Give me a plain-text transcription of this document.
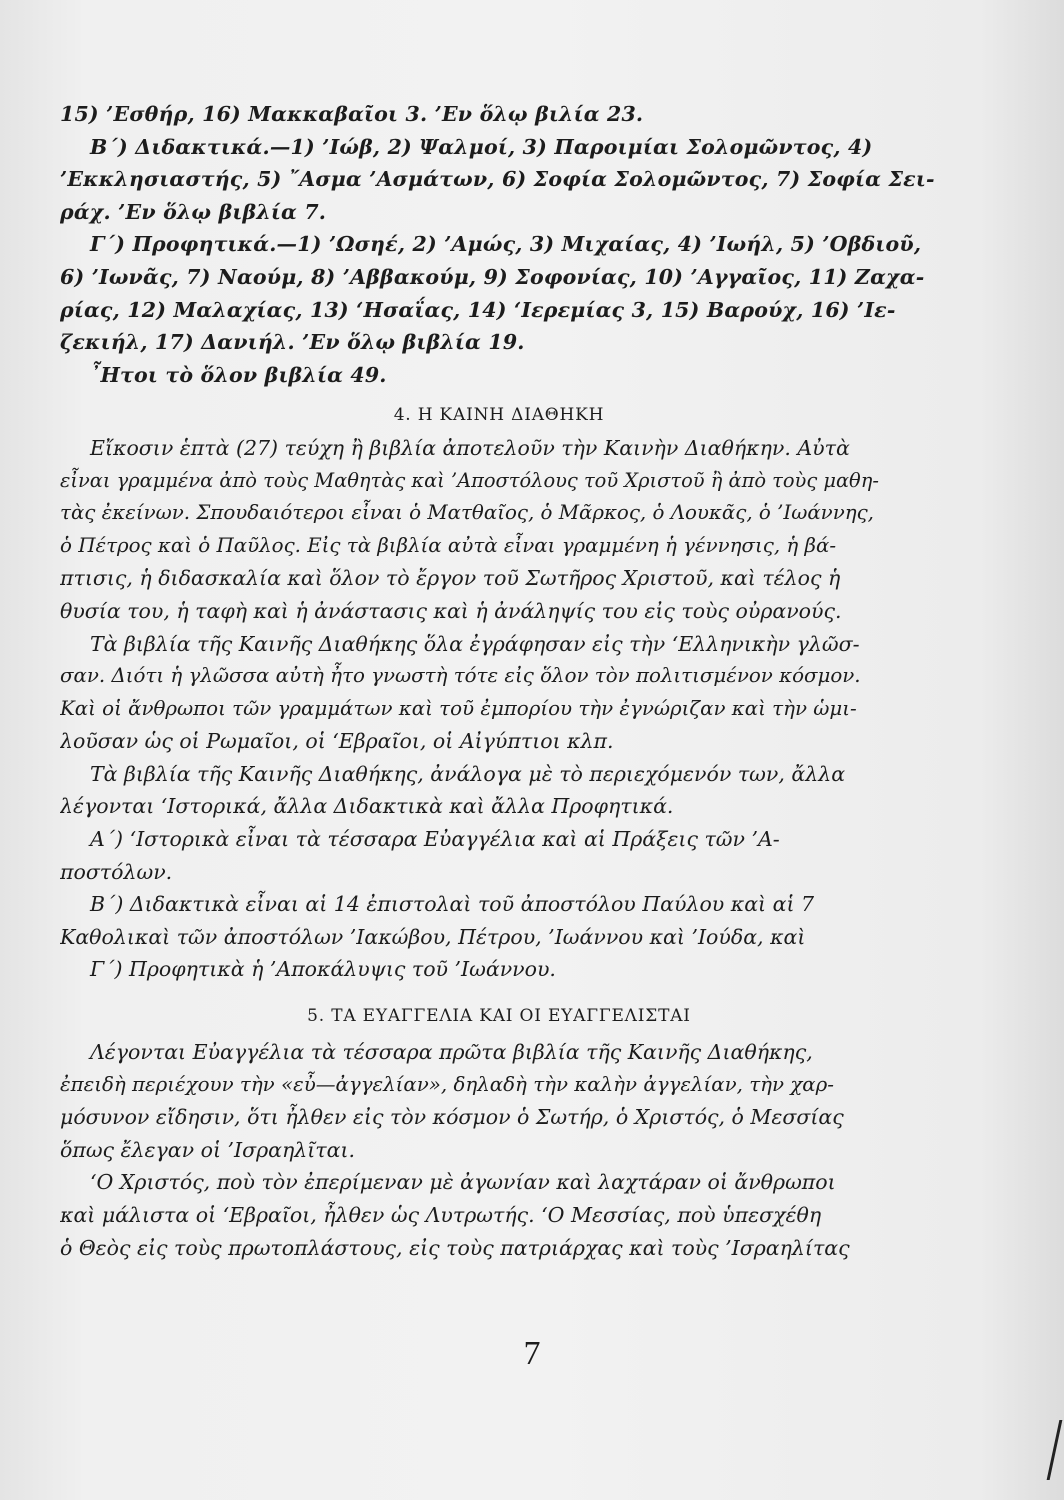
15) ’Εσθήρ, 16) Μακκαβαῖοι 3. ’Εν ὅλῳ βιλία 23.
Β΄) Διδακτικά.—1) ’Ιώβ, 2) Ψαλμοί, 3) Παροιμίαι Σολομῶντος, 4)
’Εκκλησιαστής, 5) ῎Ασμα ’Ασμάτων, 6) Σοφία Σολομῶντος, 7) Σοφία Σει-
ράχ. ’Εν ὅλῳ βιβλία 7.
Γ΄) Προφητικά.—1) ’Ωσηέ, 2) ’Αμώς, 3) Μιχαίας, 4) ’Ιωήλ, 5) ’Οβδιοῦ,
6) ’Ιωνᾶς, 7) Ναούμ, 8) ’Αββακούμ, 9) Σοφονίας, 10) ’Αγγαῖος, 11) Ζαχα-
ρίας, 12) Μαλαχίας, 13) ‘Ησαΐας, 14) ‘Ιερεμίας 3, 15) Βαρούχ, 16) ’Ιε-
ζεκιήλ, 17) Δανιήλ. ’Εν ὅλῳ βιβλία 19.
῏Ητοι τὸ ὅλον βιβλία 49.
4. Η ΚΑΙΝΗ ΔΙΑΘΗΚΗ
Εἴκοσιν ἑπτὰ (27) τεύχη ἢ βιβλία ἀποτελοῦν τὴν Καινὴν Διαθήκην. Αὐτὰ
εἶναι γραμμένα ἀπὸ τοὺς Μαθητὰς καὶ ’Αποστόλους τοῦ Χριστοῦ ἢ ἀπὸ τοὺς μαθη-
τὰς ἐκείνων. Σπουδαιότεροι εἶναι ὁ Ματθαῖος, ὁ Μᾶρκος, ὁ Λουκᾶς, ὁ ’Ιωάννης,
ὁ Πέτρος καὶ ὁ Παῦλος. Εἰς τὰ βιβλία αὐτὰ εἶναι γραμμένη ἡ γέννησις, ἡ βά-
πτισις, ἡ διδασκαλία καὶ ὅλον τὸ ἔργον τοῦ Σωτῆρος Χριστοῦ, καὶ τέλος ἡ
θυσία του, ἡ ταφὴ καὶ ἡ ἀνάστασις καὶ ἡ ἀνάληψίς του εἰς τοὺς οὐρανούς.
Τὰ βιβλία τῆς Καινῆς Διαθήκης ὅλα ἐγράφησαν εἰς τὴν ‘Ελληνικὴν γλῶσ-
σαν. Διότι ἡ γλῶσσα αὐτὴ ἦτο γνωστὴ τότε εἰς ὅλον τὸν πολιτισμένον κόσμον.
Καὶ οἱ ἄνθρωποι τῶν γραμμάτων καὶ τοῦ ἐμπορίου τὴν ἐγνώριζαν καὶ τὴν ὡμι-
λοῦσαν ὡς οἱ Ρωμαῖοι, οἱ ‘Εβραῖοι, οἱ Αἰγύπτιοι κλπ.
Τὰ βιβλία τῆς Καινῆς Διαθήκης, ἀνάλογα μὲ τὸ περιεχόμενόν των, ἄλλα
λέγονται ‘Ιστορικά, ἄλλα Διδακτικὰ καὶ ἄλλα Προφητικά.
Α΄) ‘Ιστορικὰ εἶναι τὰ τέσσαρα Εὐαγγέλια καὶ αἱ Πράξεις τῶν ’Α-
ποστόλων.
Β΄) Διδακτικὰ εἶναι αἱ 14 ἐπιστολαὶ τοῦ ἀποστόλου Παύλου καὶ αἱ 7
Καθολικαὶ τῶν ἀποστόλων ’Ιακώβου, Πέτρου, ’Ιωάννου καὶ ’Ιούδα, καὶ
Γ΄) Προφητικὰ ἡ ’Αποκάλυψις τοῦ ’Ιωάννου.
5. ΤΑ ΕΥΑΓΓΕΛΙΑ ΚΑΙ ΟΙ ΕΥΑΓΓΕΛΙΣΤΑΙ
Λέγονται Εὐαγγέλια τὰ τέσσαρα πρῶτα βιβλία τῆς Καινῆς Διαθήκης,
ἐπειδὴ περιέχουν τὴν «εὖ—ἀγγελίαν», δηλαδὴ τὴν καλὴν ἀγγελίαν, τὴν χαρ-
μόσυνον εἴδησιν, ὅτι ἦλθεν εἰς τὸν κόσμον ὁ Σωτήρ, ὁ Χριστός, ὁ Μεσσίας
ὅπως ἔλεγαν οἱ ’Ισραηλῖται.
‘Ο Χριστός, ποὺ τὸν ἐπερίμεναν μὲ ἀγωνίαν καὶ λαχτάραν οἱ ἄνθρωποι
καὶ μάλιστα οἱ ‘Εβραῖοι, ἦλθεν ὡς Λυτρωτής. ‘Ο Μεσσίας, ποὺ ὑπεσχέθη
ὁ Θεὸς εἰς τοὺς πρωτοπλάστους, εἰς τοὺς πατριάρχας καὶ τοὺς ’Ισραηλίτας
7
